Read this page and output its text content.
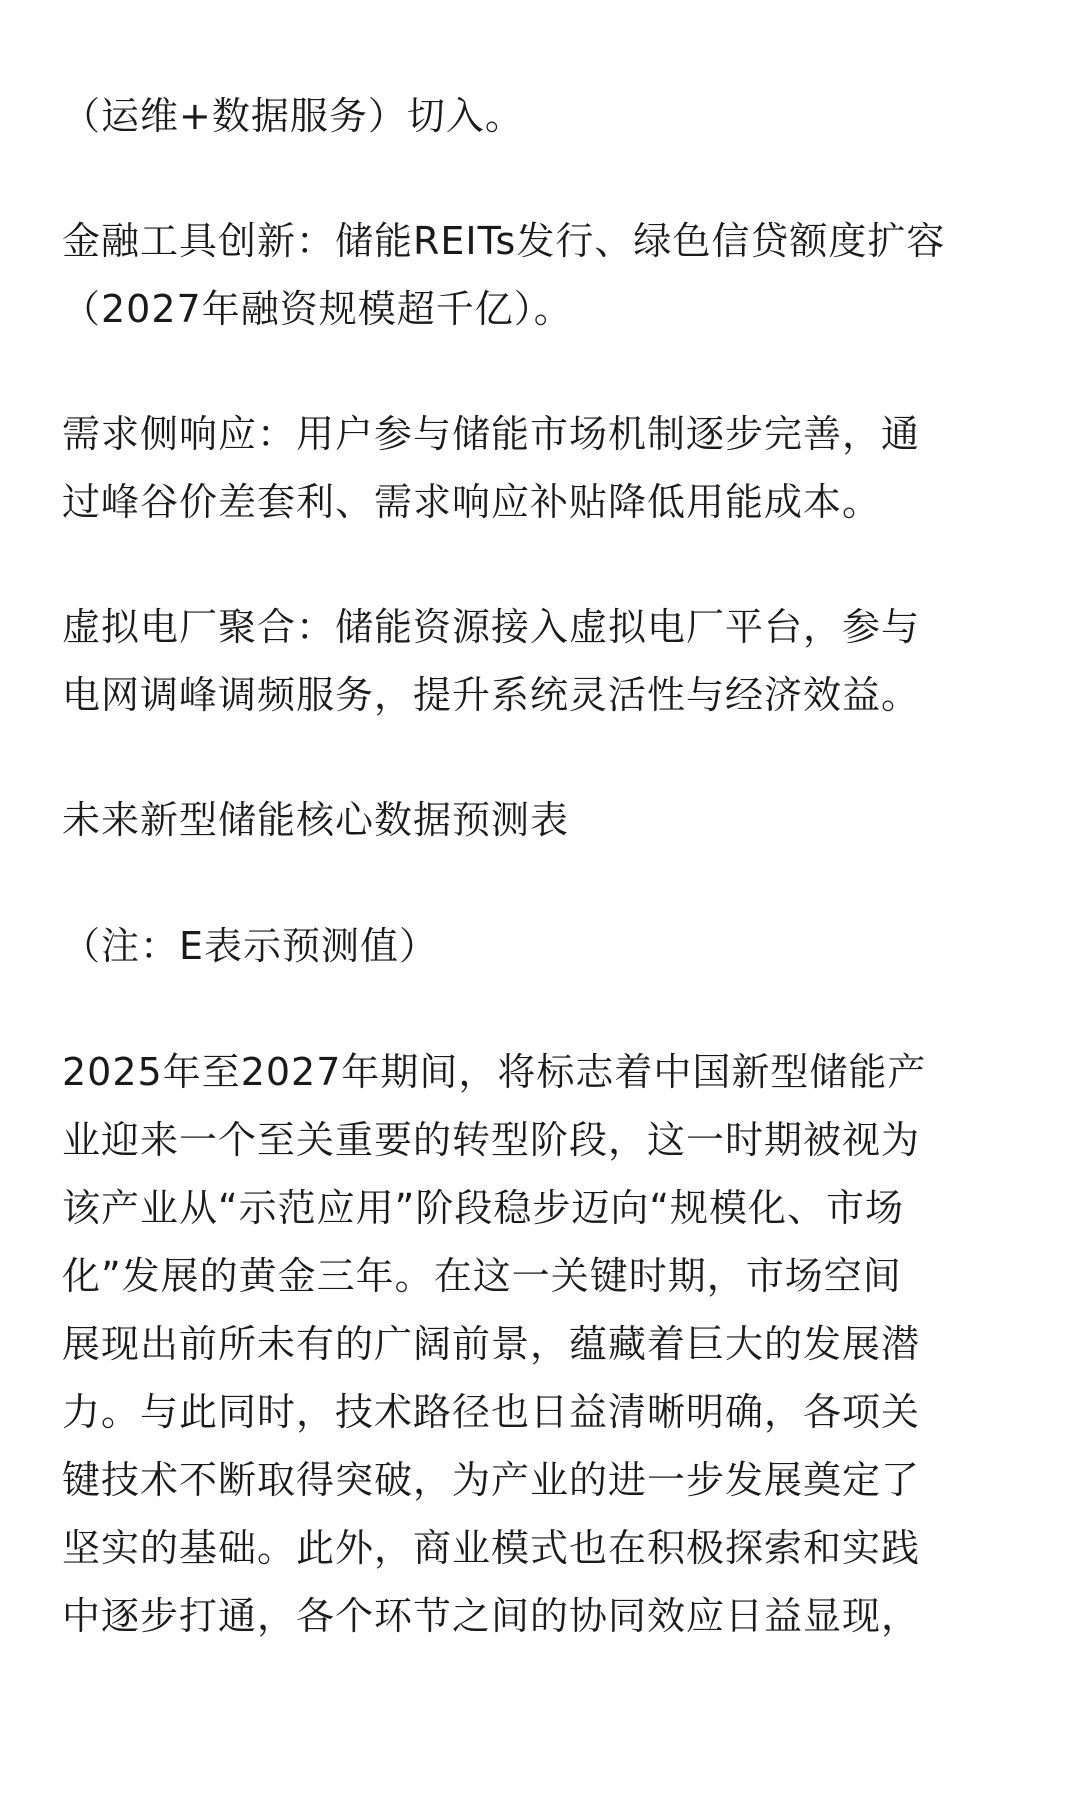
（运维+数据服务）切入。

金融工具创新：储能REITs发行、绿色信贷额度扩容
（2027年融资规模超千亿）。

需求侧响应：用户参与储能市场机制逐步完善，通
过峰谷价差套利、需求响应补贴降低用能成本。

虚拟电厂聚合：储能资源接入虚拟电厂平台，参与
电网调峰调频服务，提升系统灵活性与经济效益。

未来新型储能核心数据预测表

（注：E表示预测值）

2025年至2027年期间，将标志着中国新型储能产
业迎来一个至关重要的转型阶段，这一时期被视为
该产业从“示范应用”阶段稳步迈向“规模化、市场
化”发展的黄金三年。在这一关键时期，市场空间
展现出前所未有的广阔前景，蕴藏着巨大的发展潜
力。与此同时，技术路径也日益清晰明确，各项关
键技术不断取得突破，为产业的进一步发展奠定了
坚实的基础。此外，商业模式也在积极探索和实践
中逐步打通，各个环节之间的协同效应日益显现，
